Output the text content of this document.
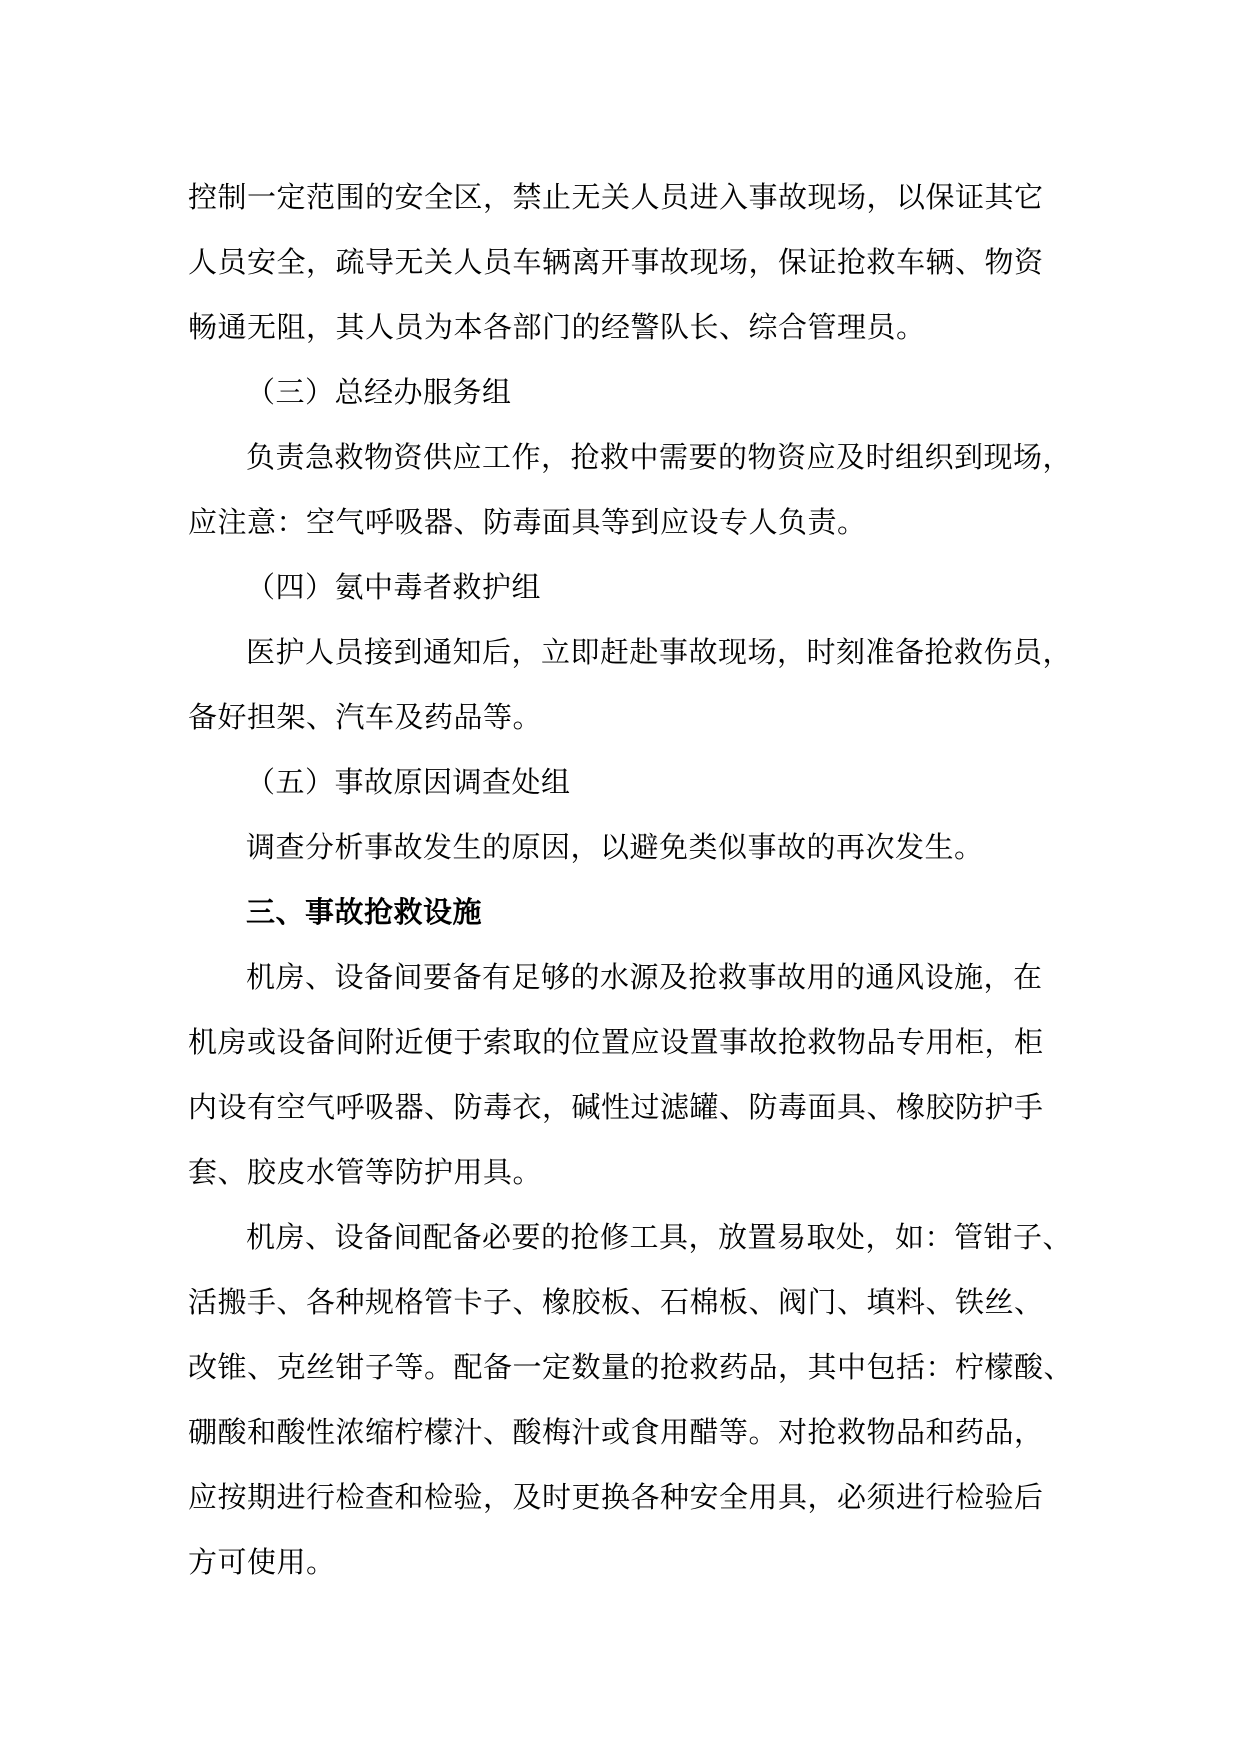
控制一定范围的安全区，禁止无关人员进入事故现场，以保证其它
人员安全，疏导无关人员车辆离开事故现场，保证抢救车辆、物资
畅通无阻，其人员为本各部门的经警队长、综合管理员。
（三）总经办服务组
负责急救物资供应工作，抢救中需要的物资应及时组织到现场，
应注意：空气呼吸器、防毒面具等到应设专人负责。
（四）氨中毒者救护组
医护人员接到通知后，立即赶赴事故现场，时刻准备抢救伤员，
备好担架、汽车及药品等。
（五）事故原因调查处组
调查分析事故发生的原因，以避免类似事故的再次发生。
三、事故抢救设施
机房、设备间要备有足够的水源及抢救事故用的通风设施，在
机房或设备间附近便于索取的位置应设置事故抢救物品专用柜，柜
内设有空气呼吸器、防毒衣，碱性过滤罐、防毒面具、橡胶防护手
套、胶皮水管等防护用具。
机房、设备间配备必要的抢修工具，放置易取处，如：管钳子、
活搬手、各种规格管卡子、橡胶板、石棉板、阀门、填料、铁丝、
改锥、克丝钳子等。配备一定数量的抢救药品，其中包括：柠檬酸、
硼酸和酸性浓缩柠檬汁、酸梅汁或食用醋等。对抢救物品和药品，
应按期进行检查和检验，及时更换各种安全用具，必须进行检验后
方可使用。
